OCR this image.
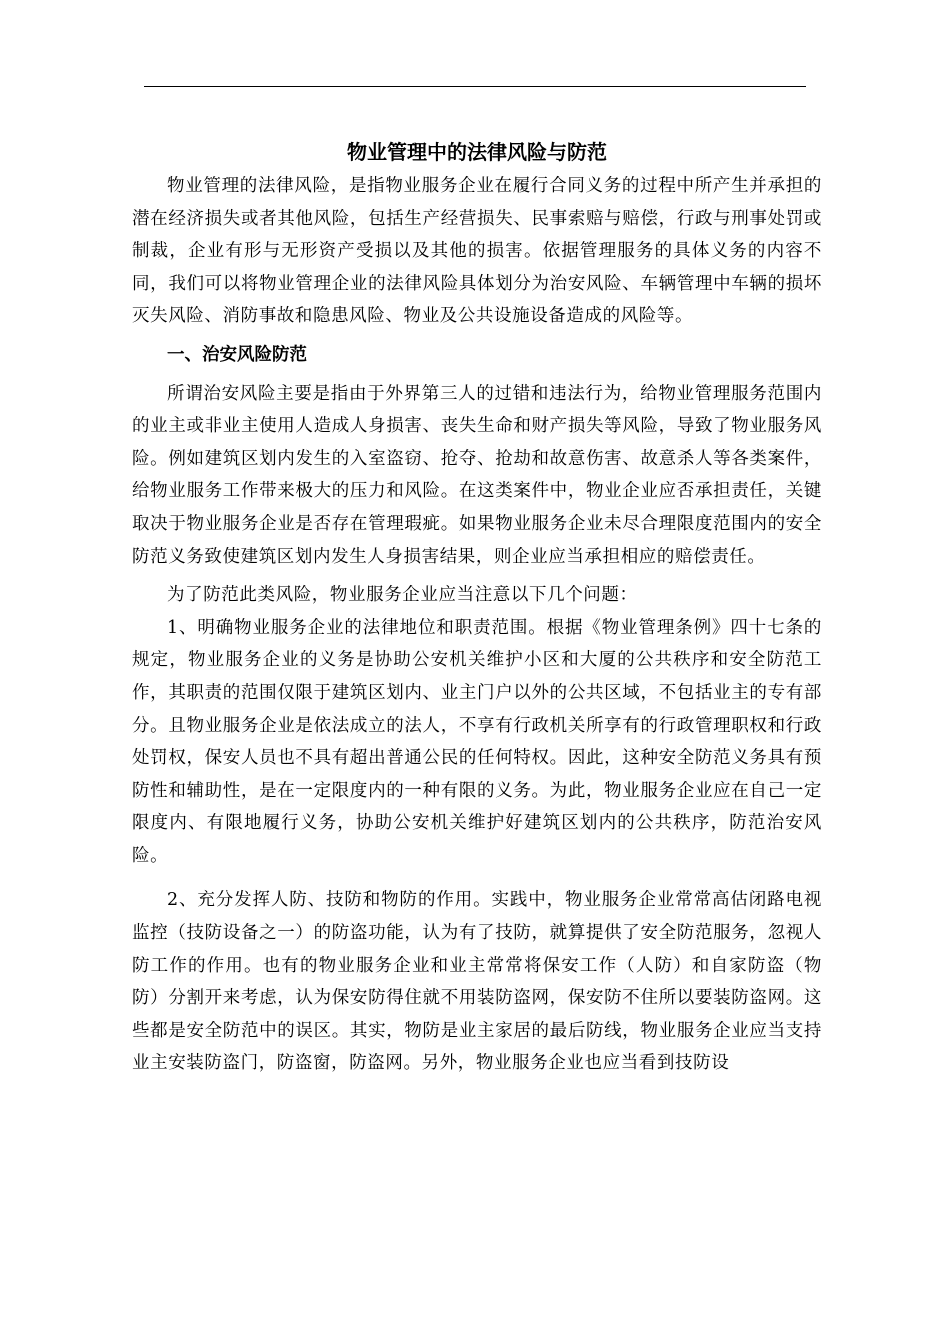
物业管理中的法律风险与防范

物业管理的法律风险，是指物业服务企业在履行合同义务的过程中所产生并承担的潜在经济损失或者其他风险，包括生产经营损失、民事索赔与赔偿，行政与刑事处罚或制裁，企业有形与无形资产受损以及其他的损害。依据管理服务的具体义务的内容不同，我们可以将物业管理企业的法律风险具体划分为治安风险、车辆管理中车辆的损坏灭失风险、消防事故和隐患风险、物业及公共设施设备造成的风险等。

一、治安风险防范

所谓治安风险主要是指由于外界第三人的过错和违法行为，给物业管理服务范围内的业主或非业主使用人造成人身损害、丧失生命和财产损失等风险，导致了物业服务风险。例如建筑区划内发生的入室盗窃、抢夺、抢劫和故意伤害、故意杀人等各类案件，给物业服务工作带来极大的压力和风险。在这类案件中，物业企业应否承担责任，关键取决于物业服务企业是否存在管理瑕疵。如果物业服务企业未尽合理限度范围内的安全防范义务致使建筑区划内发生人身损害结果，则企业应当承担相应的赔偿责任。

为了防范此类风险，物业服务企业应当注意以下几个问题：

1、明确物业服务企业的法律地位和职责范围。根据《物业管理条例》四十七条的规定，物业服务企业的义务是协助公安机关维护小区和大厦的公共秩序和安全防范工作，其职责的范围仅限于建筑区划内、业主门户以外的公共区域，不包括业主的专有部分。且物业服务企业是依法成立的法人，不享有行政机关所享有的行政管理职权和行政处罚权，保安人员也不具有超出普通公民的任何特权。因此，这种安全防范义务具有预防性和辅助性，是在一定限度内的一种有限的义务。为此，物业服务企业应在自己一定限度内、有限地履行义务，协助公安机关维护好建筑区划内的公共秩序，防范治安风险。

2、充分发挥人防、技防和物防的作用。实践中，物业服务企业常常高估闭路电视监控（技防设备之一）的防盗功能，认为有了技防，就算提供了安全防范服务，忽视人防工作的作用。也有的物业服务企业和业主常常将保安工作（人防）和自家防盗（物防）分割开来考虑，认为保安防得住就不用装防盗网，保安防不住所以要装防盗网。这些都是安全防范中的误区。其实，物防是业主家居的最后防线，物业服务企业应当支持业主安装防盗门，防盗窗，防盗网。另外，物业服务企业也应当看到技防设
